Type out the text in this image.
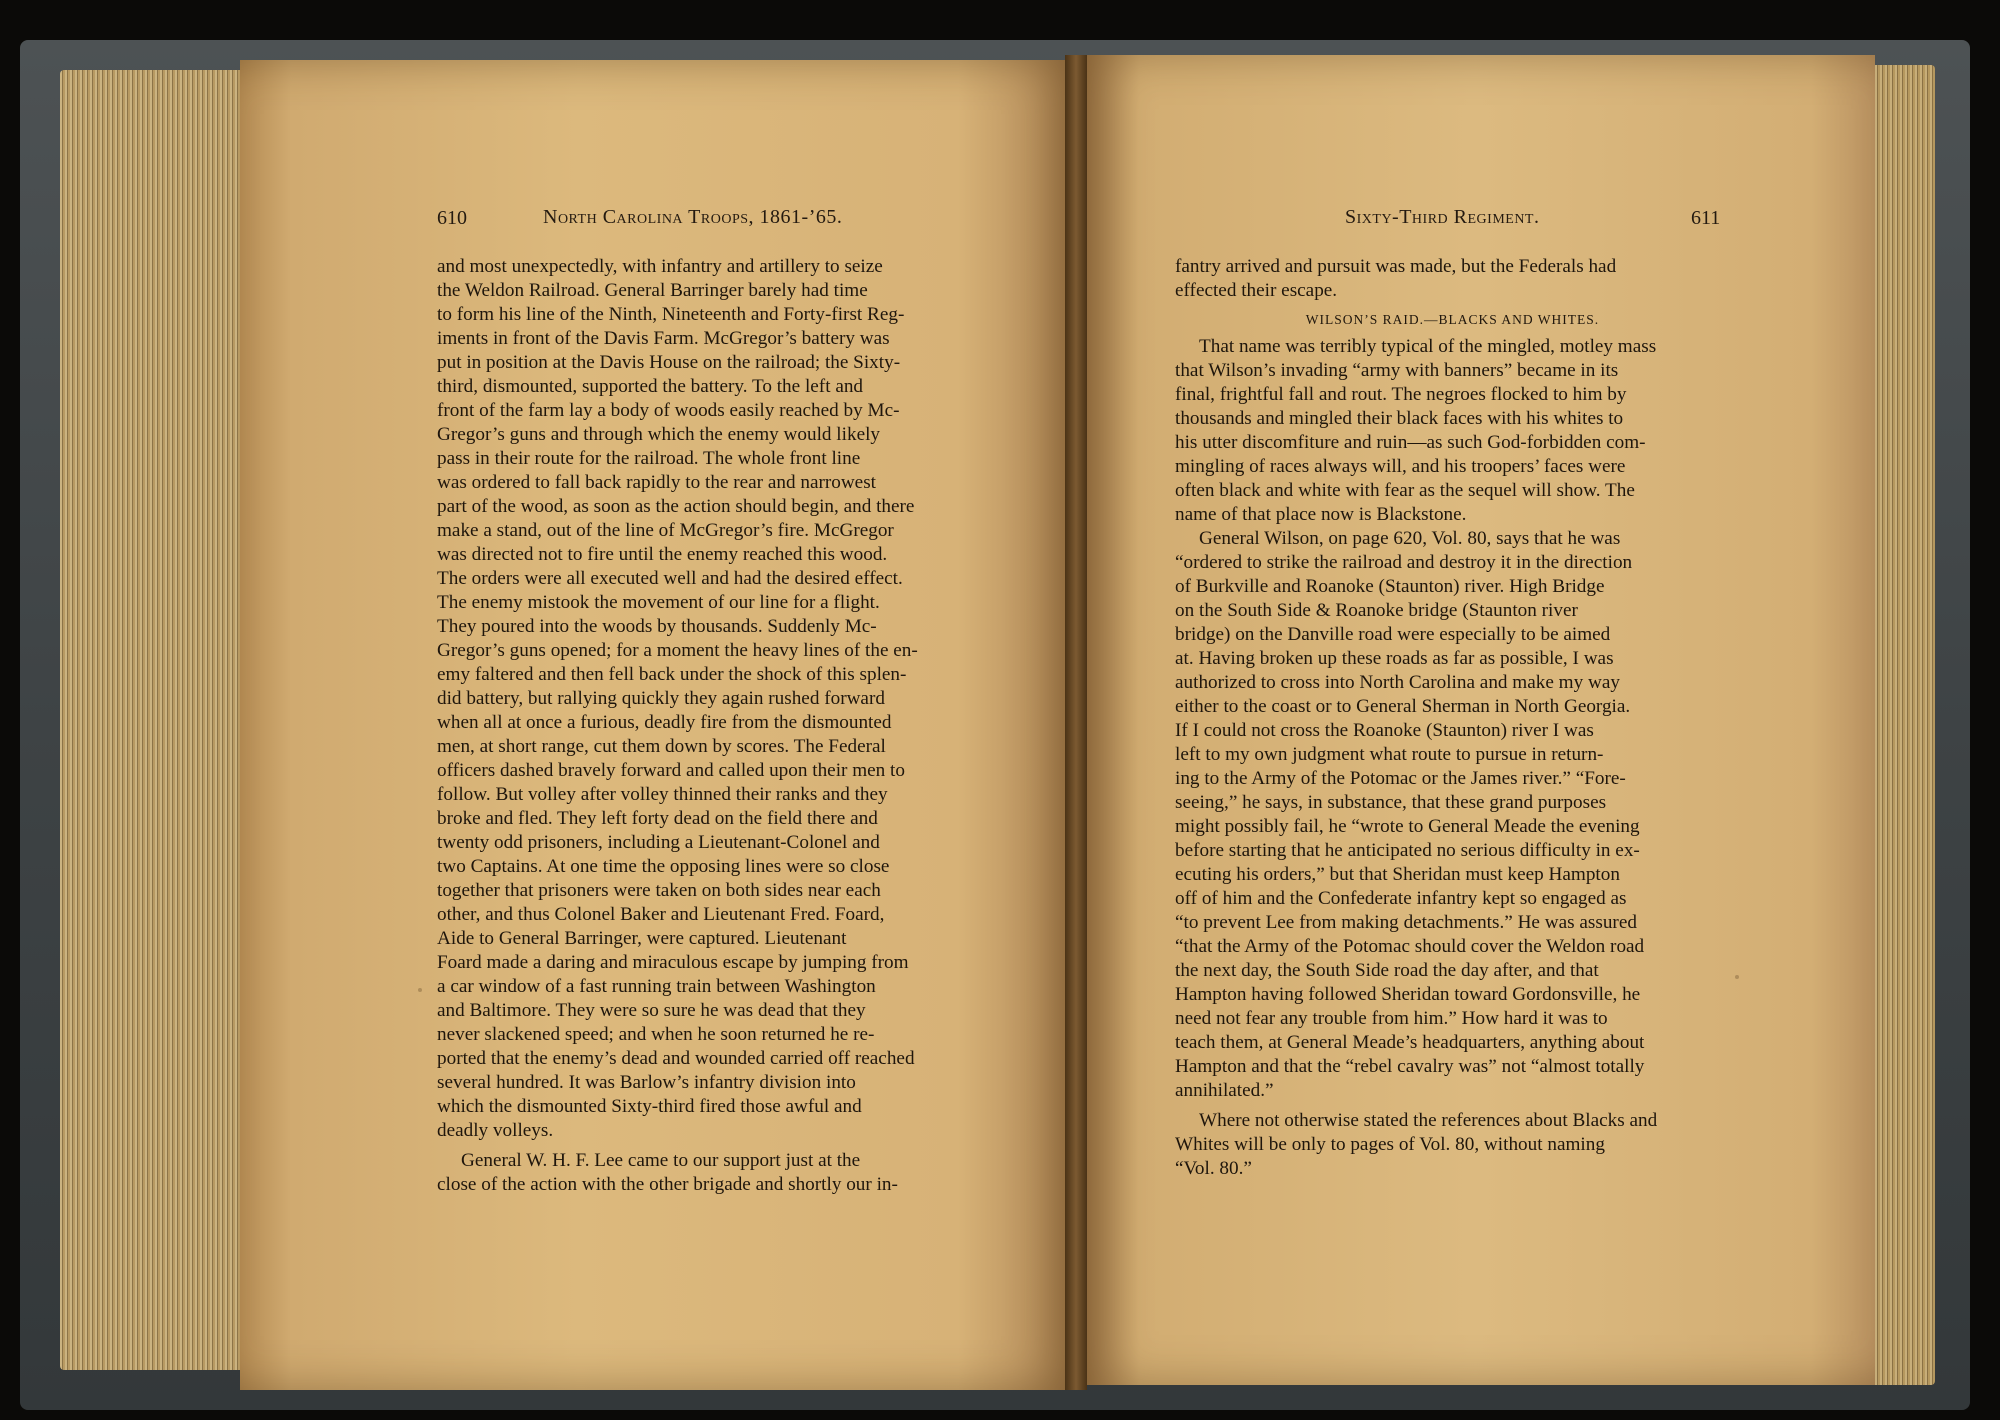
610	North Carolina Troops, 1861-’65.	Sixty-Third Regiment.	611
and most unexpectedly, with infantry and artillery to seize
the Weldon Railroad. General Barringer barely had time
to form his line of the Ninth, Nineteenth and Forty-first Reg-
iments in front of the Davis Farm. McGregor’s battery was
put in position at the Davis House on the railroad; the Sixty-
third, dismounted, supported the battery. To the left and
front of the farm lay a body of woods easily reached by Mc-
Gregor’s guns and through which the enemy would likely
pass in their route for the railroad. The whole front line
was ordered to fall back rapidly to the rear and narrowest
part of the wood, as soon as the action should begin, and there
make a stand, out of the line of McGregor’s fire. McGregor
was directed not to fire until the enemy reached this wood.
The orders were all executed well and had the desired effect.
The enemy mistook the movement of our line for a flight.
They poured into the woods by thousands. Suddenly Mc-
Gregor’s guns opened; for a moment the heavy lines of the en-
emy faltered and then fell back under the shock of this splen-
did battery, but rallying quickly they again rushed forward
when all at once a furious, deadly fire from the dismounted
men, at short range, cut them down by scores. The Federal
officers dashed bravely forward and called upon their men to
follow. But volley after volley thinned their ranks and they
broke and fled. They left forty dead on the field there and
twenty odd prisoners, including a Lieutenant-Colonel and
two Captains. At one time the opposing lines were so close
together that prisoners were taken on both sides near each
other, and thus Colonel Baker and Lieutenant Fred. Foard,
Aide to General Barringer, were captured. Lieutenant
Foard made a daring and miraculous escape by jumping from
a car window of a fast running train between Washington
and Baltimore. They were so sure he was dead that they
never slackened speed; and when he soon returned he re-
ported that the enemy’s dead and wounded carried off reached
several hundred. It was Barlow’s infantry division into
which the dismounted Sixty-third fired those awful and
deadly volleys.
General W. H. F. Lee came to our support just at the
close of the action with the other brigade and shortly our in-
fantry arrived and pursuit was made, but the Federals had
effected their escape.
WILSON’S RAID.—BLACKS AND WHITES.
That name was terribly typical of the mingled, motley mass
that Wilson’s invading “army with banners” became in its
final, frightful fall and rout. The negroes flocked to him by
thousands and mingled their black faces with his whites to
his utter discomfiture and ruin—as such God-forbidden com-
mingling of races always will, and his troopers’ faces were
often black and white with fear as the sequel will show. The
name of that place now is Blackstone.
General Wilson, on page 620, Vol. 80, says that he was
“ordered to strike the railroad and destroy it in the direction
of Burkville and Roanoke (Staunton) river. High Bridge
on the South Side & Roanoke bridge (Staunton river
bridge) on the Danville road were especially to be aimed
at. Having broken up these roads as far as possible, I was
authorized to cross into North Carolina and make my way
either to the coast or to General Sherman in North Georgia.
If I could not cross the Roanoke (Staunton) river I was
left to my own judgment what route to pursue in return-
ing to the Army of the Potomac or the James river.” “Fore-
seeing,” he says, in substance, that these grand purposes
might possibly fail, he “wrote to General Meade the evening
before starting that he anticipated no serious difficulty in ex-
ecuting his orders,” but that Sheridan must keep Hampton
off of him and the Confederate infantry kept so engaged as
“to prevent Lee from making detachments.” He was assured
“that the Army of the Potomac should cover the Weldon road
the next day, the South Side road the day after, and that
Hampton having followed Sheridan toward Gordonsville, he
need not fear any trouble from him.” How hard it was to
teach them, at General Meade’s headquarters, anything about
Hampton and that the “rebel cavalry was” not “almost totally
annihilated.”
Where not otherwise stated the references about Blacks and
Whites will be only to pages of Vol. 80, without naming
“Vol. 80.”
